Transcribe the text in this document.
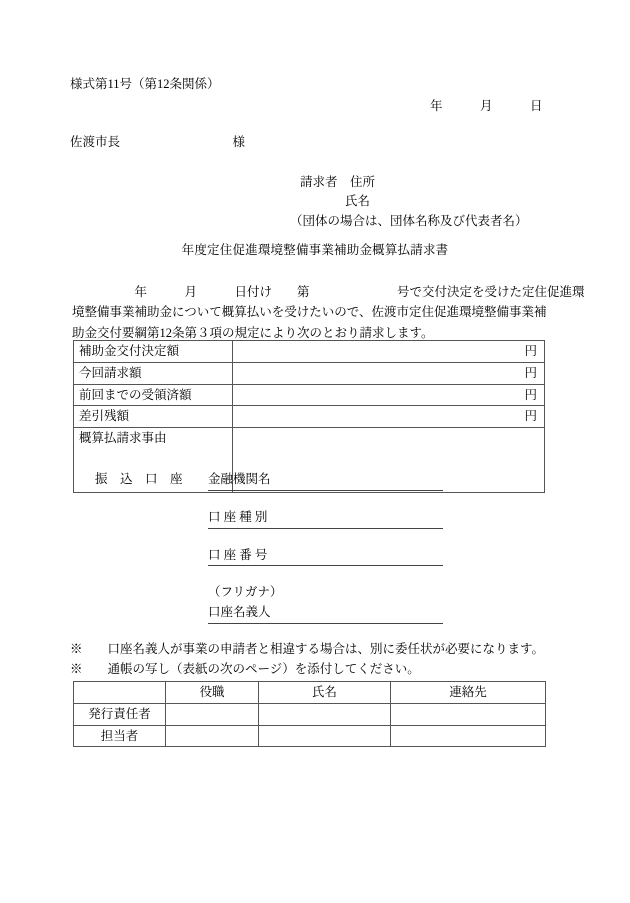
様式第11号（第12条関係）
年　　　月　　　日
佐渡市長　　　　　　　　　様
請求者　住所
氏名
（団体の場合は、団体名称及び代表者名）
年度定住促進環境整備事業補助金概算払請求書
　　　　　年　　　月　　　日付け　　第　　　　　　　号で交付決定を受けた定住促進環
境整備事業補助金について概算払いを受けたいので、佐渡市定住促進環境整備事業補
助金交付要綱第12条第３項の規定により次のとおり請求します。
補助金交付決定額	円
今回請求額	円
前回までの受領済額	円
差引残額	円
概算払請求事由	
振　込　口　座	金融機関名
口 座 種 別
口 座 番 号
（フリガナ）
口座名義人
※　　口座名義人が事業の申請者と相違する場合は、別に委任状が必要になります。
※　　通帳の写し（表紙の次のページ）を添付してください。
	役職	氏名	連絡先
発行責任者			
担当者			
